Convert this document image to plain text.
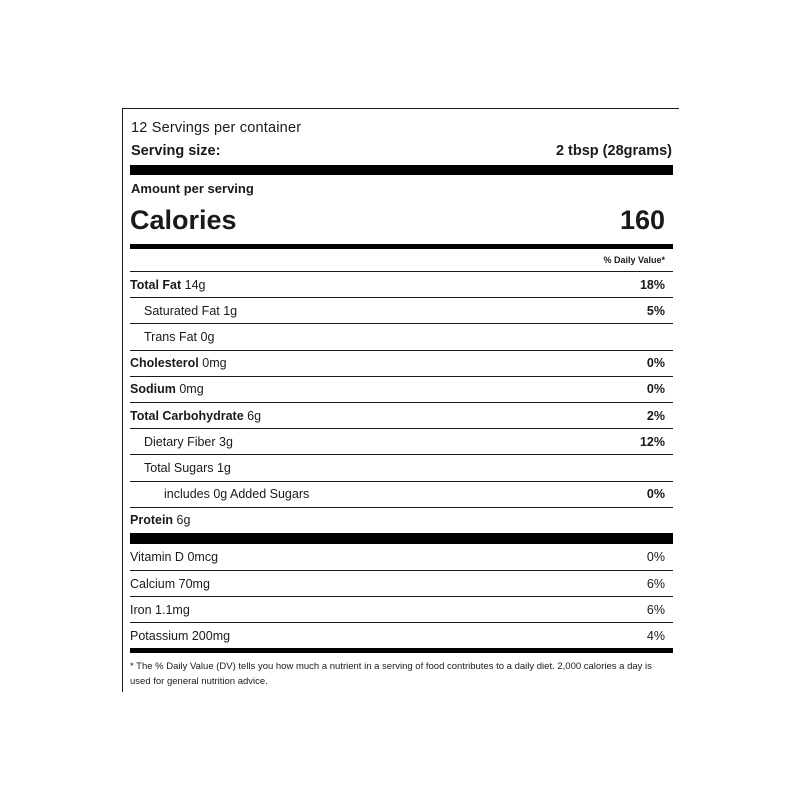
12 Servings per container
Serving size:	2 tbsp (28grams)
Amount per serving
Calories	160
% Daily Value*
Total Fat 14g	18%
Saturated Fat 1g	5%
Trans Fat 0g
Cholesterol 0mg	0%
Sodium 0mg	0%
Total Carbohydrate 6g	2%
Dietary Fiber 3g	12%
Total Sugars 1g
includes 0g Added Sugars	0%
Protein 6g
Vitamin D 0mcg	0%
Calcium 70mg	6%
Iron 1.1mg	6%
Potassium 200mg	4%
* The % Daily Value (DV) tells you how much a nutrient in a serving of food contributes to a daily diet. 2,000 calories a day is used for general nutrition advice.
